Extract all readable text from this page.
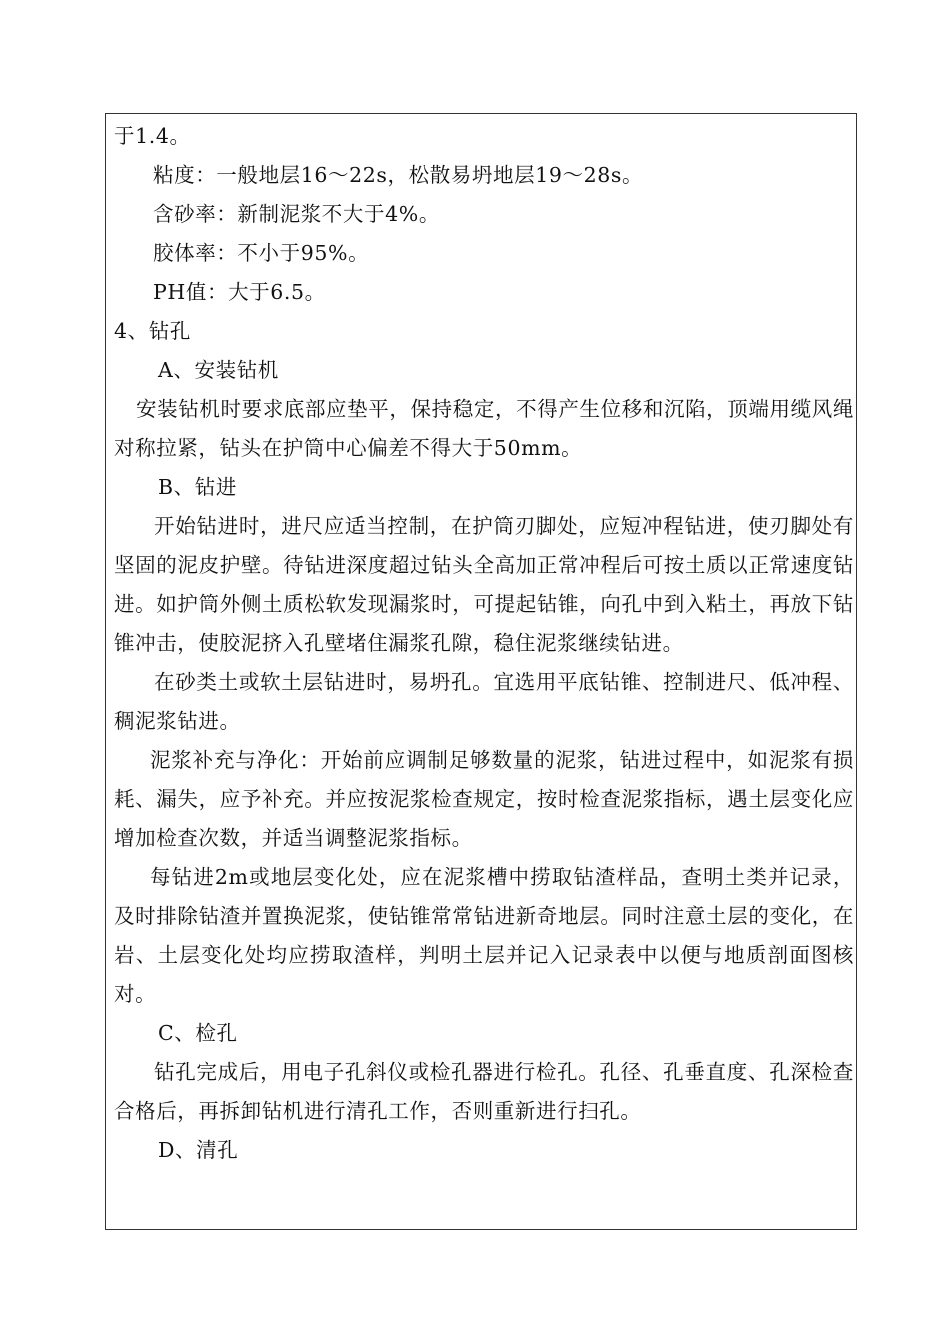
于1.4。

粘度：一般地层16～22s，松散易坍地层19～28s。

含砂率：新制泥浆不大于4%。

胶体率：不小于95%。

PH值：大于6.5。

4、钻孔

A、安装钻机

安装钻机时要求底部应垫平，保持稳定，不得产生位移和沉陷，顶端用缆风绳对称拉紧，钻头在护筒中心偏差不得大于50mm。

B、钻进

开始钻进时，进尺应适当控制，在护筒刃脚处，应短冲程钻进，使刃脚处有坚固的泥皮护壁。待钻进深度超过钻头全高加正常冲程后可按土质以正常速度钻进。如护筒外侧土质松软发现漏浆时，可提起钻锥，向孔中到入粘土，再放下钻锥冲击，使胶泥挤入孔壁堵住漏浆孔隙，稳住泥浆继续钻进。

在砂类土或软土层钻进时，易坍孔。宜选用平底钻锥、控制进尺、低冲程、稠泥浆钻进。

泥浆补充与净化：开始前应调制足够数量的泥浆，钻进过程中，如泥浆有损耗、漏失，应予补充。并应按泥浆检查规定，按时检查泥浆指标，遇土层变化应增加检查次数，并适当调整泥浆指标。

每钻进2m或地层变化处，应在泥浆槽中捞取钻渣样品，查明土类并记录，及时排除钻渣并置换泥浆，使钻锥常常钻进新奇地层。同时注意土层的变化，在岩、土层变化处均应捞取渣样，判明土层并记入记录表中以便与地质剖面图核对。

C、检孔

钻孔完成后，用电子孔斜仪或检孔器进行检孔。孔径、孔垂直度、孔深检查合格后，再拆卸钻机进行清孔工作，否则重新进行扫孔。

D、清孔
